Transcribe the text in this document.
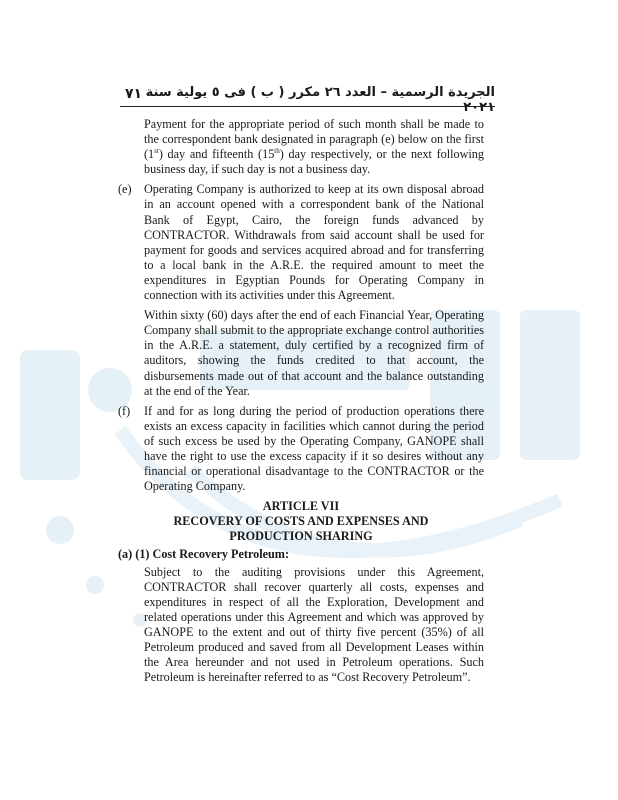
٧١ الجريدة الرسمية – العدد ٢٦ مكرر ( ب ) فى ٥ يولية سنة ٢٠٢١

Payment for the appropriate period of such month shall be made to the correspondent bank designated in paragraph (e) below on the first (1st) day and fifteenth (15th) day respectively, or the next following business day, if such day is not a business day.

(e) Operating Company is authorized to keep at its own disposal abroad in an account opened with a correspondent bank of the National Bank of Egypt, Cairo, the foreign funds advanced by CONTRACTOR. Withdrawals from said account shall be used for payment for goods and services acquired abroad and for transferring to a local bank in the A.R.E. the required amount to meet the expenditures in Egyptian Pounds for Operating Company in connection with its activities under this Agreement.

Within sixty (60) days after the end of each Financial Year, Operating Company shall submit to the appropriate exchange control authorities in the A.R.E. a statement, duly certified by a recognized firm of auditors, showing the funds credited to that account, the disbursements made out of that account and the balance outstanding at the end of the Year.

(f) If and for as long during the period of production operations there exists an excess capacity in facilities which cannot during the period of such excess be used by the Operating Company, GANOPE shall have the right to use the excess capacity if it so desires without any financial or operational disadvantage to the CONTRACTOR or the Operating Company.

ARTICLE VII

RECOVERY OF COSTS AND EXPENSES AND

PRODUCTION SHARING

(a) (1) Cost Recovery Petroleum:

Subject to the auditing provisions under this Agreement, CONTRACTOR shall recover quarterly all costs, expenses and expenditures in respect of all the Exploration, Development and related operations under this Agreement and which was approved by GANOPE to the extent and out of thirty five percent (35%) of all Petroleum produced and saved from all Development Leases within the Area hereunder and not used in Petroleum operations. Such Petroleum is hereinafter referred to as “Cost Recovery Petroleum”.
